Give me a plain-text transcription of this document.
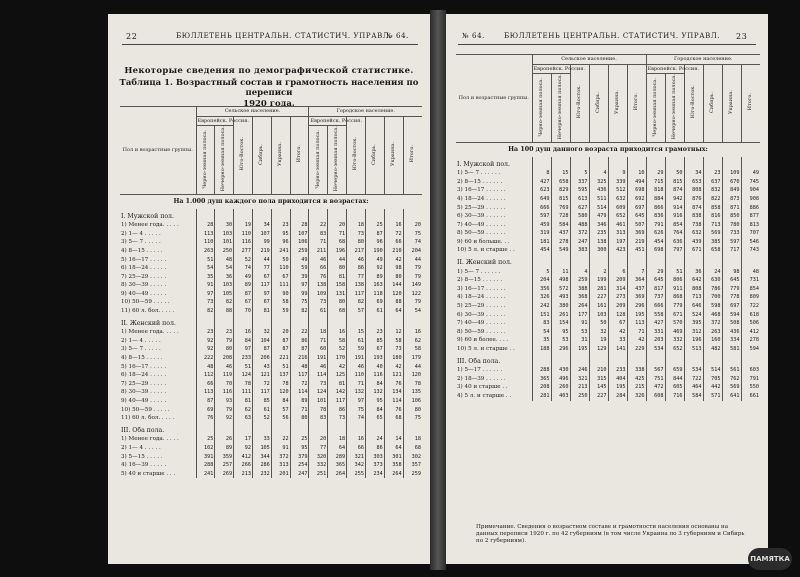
22	БЮЛЛЕТЕНЬ ЦЕНТРАЛЬН. СТАТИСТИЧ. УПРАВЛ.
№ 64.
Некоторые сведения по демографической статистике.
Таблица 1. Возрастный состав и грамотность населения по переписи
1920 года.
Пол и возрастные группы.	Сельское население.						Городское население.					
	Европейск. Россия.		Юго-Восток.	Сибирь.	Украина.	Итого.	Европейск. Россия.		Юго-Восток.	Сибирь.	Украина.	Итого.
	Черно-земная полоса.	Нечерно-земная полоса.					Черно-земная полоса.	Нечерно-земная полоса.				
На 1.000 душ каждого пола приходится в возрастах:												
I. Мужской пол.												
1) Менее года. . . . .	28	30	19	34	23	28	22	20	18	25	16	20
2) 1— 4 . . . . .	113	103	110	107	95	107	83	71	73	87	72	75
3) 5— 7 . . . . .	110	101	116	99	96	106	71	68	80	96	66	74
4) 8—15 . . . . .	263	250	277	219	241	259	211	196	217	190	210	204
5) 16—17 . . . . .	51	48	52	44	50	49	46	44	46	49	42	44
6) 18—24 . . . . .	54	54	74	77	110	59	66	80	86	92	98	79
7) 25—29 . . . . .	35	36	49	67	67	39	76	81	77	89	80	79
8) 30—39 . . . . .	91	103	89	117	111	97	138	158	138	163	144	149
9) 40—49 . . . . .	97	105	87	97	90	99	109	131	117	118	120	122
10) 50—59 . . . . .	73	82	67	67	58	75	73	80	82	69	88	79
11) 60 л. бол. . . . .	82	88	70	81	59	82	61	68	57	61	64	54
II. Женский пол.												
1) Менее года. . . . .	23	23	16	32	20	22	18	16	15	23	12	16
2) 1— 4 . . . . .	92	79	84	104	87	86	71	58	61	85	58	62
3) 5— 7 . . . . .	92	80	97	87	87	87	60	52	59	67	73	58
4) 8—15 . . . . .	222	208	233	206	221	216	191	170	191	193	180	179
5) 16—17 . . . . .	48	46	51	43	51	48	46	42	46	40	42	44
6) 18—24 . . . . .	112	119	124	121	137	117	114	125	110	116	121	120
7) 25—29 . . . . .	66	70	78	72	78	72	73	81	71	84	76	78
8) 30—39 . . . . .	113	116	111	117	120	114	124	142	132	132	134	135
9) 40—49 . . . . .	87	93	81	85	84	89	101	117	97	95	114	106
10) 50—59 . . . . .	69	79	62	61	57	71	78	86	75	84	76	80
11) 60 л. бол. . . . .	76	92	63	52	56	80	83	73	74	65	68	75
III. Оба пола.												
1) Менее года. . . . .	25	26	17	33	22	25	20	18	16	24	14	18
2) 1— 4 . . . . .	102	89	92	105	91	95	77	64	66	86	64	68
3) 5—15 . . . . .	391	359	412	344	372	379	320	289	321	303	301	302
4) 16—39 . . . . .	288	257	266	286	313	254	332	365	342	373	358	357
5) 40 и старше . . .	241	269	213	232	201	247	251	264	255	234	264	259
№ 64.	БЮЛЛЕТЕНЬ ЦЕНТРАЛЬН. СТАТИСТИЧ. УПРАВЛ. 23
Пол и возрастные группы.	Сельское население.						Городское население.					
	Европейск. Россия.		Юго-Восток.	Сибирь.	Украина.	Итого.	Европейск. Россия.		Юго-Восток.	Сибирь.	Украина.	Итого.
	Черно-земная полоса.	Нечерно-земная полоса.					Черно-земная полоса.	Нечерно-земная полоса.				
На 100 душ данного возраста приходится грамотных:												
I. Мужской пол.												
1) 5— 7 . . . . . .	8	15	5	4	9	10	29	50	34	23	109	49
2) 8—15 . . . . . .	427	658	337	325	339	494	715	815	653	637	670	745
3) 16—17 . . . . . .	623	829	595	436	512	698	818	874	808	832	849	904
4) 18—24 . . . . . .	649	815	613	511	632	692	884	942	876	822	873	908
5) 25—29 . . . . . .	666	769	627	514	609	697	866	914	874	858	871	886
6) 30—39 . . . . . .	597	728	580	479	652	645	836	916	838	816	850	877
7) 40—49 . . . . . .	459	584	488	346	461	507	791	854	738	713	780	813
8) 50—59 . . . . . .	319	437	372	235	313	369	626	764	632	569	733	707
9) 60 и больше. . .	181	278	247	138	197	219	454	636	439	385	597	546
10) 5 л. и старше . .	454	549	383	300	423	451	698	797	671	658	717	743
II. Женский пол.												
1) 5— 7 . . . . . .	5	11	4	2	6	7	29	51	36	24	98	48
2) 8—15 . . . . . .	204	498	259	199	209	364	645	806	642	630	645	731
3) 16—17 . . . . . .	356	572	388	281	314	437	817	911	808	786	779	854
4) 18—24 . . . . . .	326	493	368	227	273	369	737	868	713	700	778	809
5) 25—29 . . . . . .	242	380	264	161	209	296	666	779	646	598	697	722
6) 30—39 . . . . . .	151	261	177	103	128	195	558	671	524	468	594	618
7) 40—49 . . . . . .	83	154	91	50	67	113	427	570	395	372	508	506
8) 50—59 . . . . . .	54	95	53	32	42	71	331	469	312	263	436	412
9) 60 и более. . . .	35	53	31	19	33	42	203	332	196	160	334	278
10) 5 л. и старше . .	188	296	195	129	141	229	534	652	513	482	581	594
III. Оба пола.												
1) 5—17 . . . . . .	288	430	246	210	233	338	567	659	534	514	561	603
2) 18—39 . . . . . .	365	496	321	315	404	425	751	844	722	705	762	791
3) 40 и старше . .	208	260	213	145	195	215	472	605	464	442	569	550
4) 5 л. и старше . .	281	403	250	227	284	326	608	716	584	571	641	661
Примечание. Сведения о возрастном составе и грамотности населения основаны на данных переписи 1920 г. по 42 губерниям (в том числе Украина по 3 губерниям и Сибирь по 2 губерниям).
ПАМЯТКА
